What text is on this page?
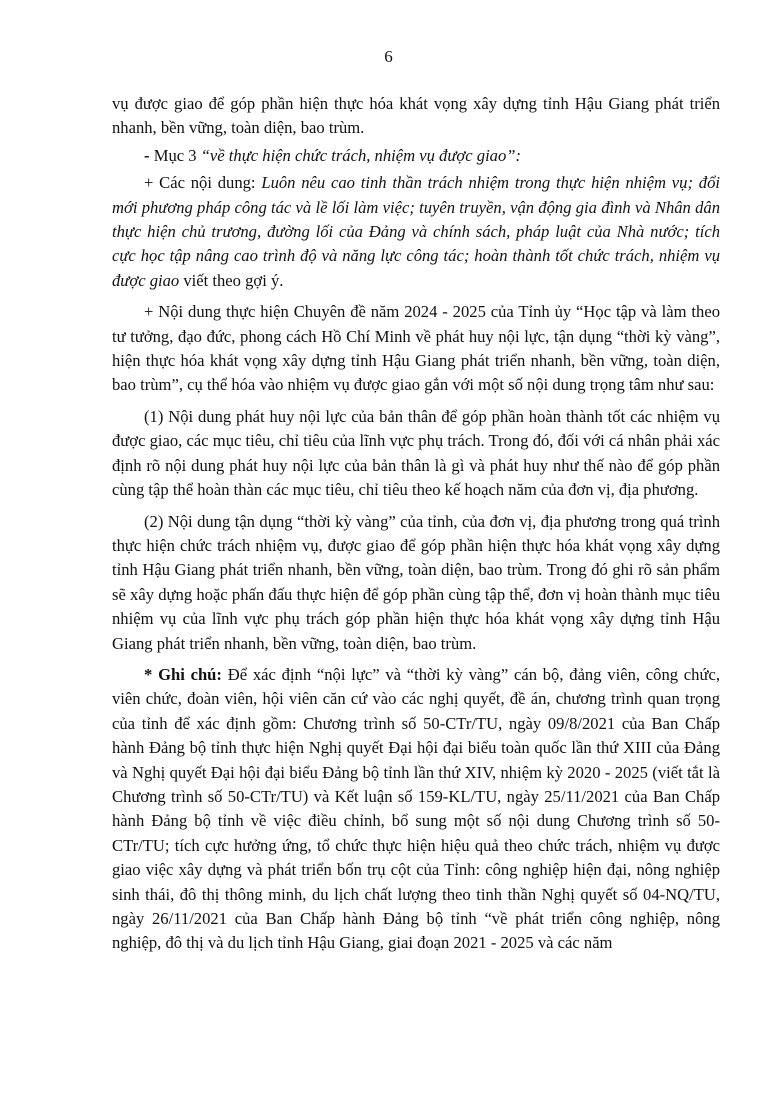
6

vụ được giao để góp phần hiện thực hóa khát vọng xây dựng tỉnh Hậu Giang phát triển nhanh, bền vững, toàn diện, bao trùm.

- Mục 3 “về thực hiện chức trách, nhiệm vụ được giao”:

+ Các nội dung: Luôn nêu cao tinh thần trách nhiệm trong thực hiện nhiệm vụ; đổi mới phương pháp công tác và lề lối làm việc; tuyên truyền, vận động gia đình và Nhân dân thực hiện chủ trương, đường lối của Đảng và chính sách, pháp luật của Nhà nước; tích cực học tập nâng cao trình độ và năng lực công tác; hoàn thành tốt chức trách, nhiệm vụ được giao viết theo gợi ý.

+ Nội dung thực hiện Chuyên đề năm 2024 - 2025 của Tỉnh ủy “Học tập và làm theo tư tưởng, đạo đức, phong cách Hồ Chí Minh về phát huy nội lực, tận dụng “thời kỳ vàng”, hiện thực hóa khát vọng xây dựng tỉnh Hậu Giang phát triển nhanh, bền vững, toàn diện, bao trùm”, cụ thể hóa vào nhiệm vụ được giao gắn với một số nội dung trọng tâm như sau:

(1) Nội dung phát huy nội lực của bản thân để góp phần hoàn thành tốt các nhiệm vụ được giao, các mục tiêu, chỉ tiêu của lĩnh vực phụ trách. Trong đó, đối với cá nhân phải xác định rõ nội dung phát huy nội lực của bản thân là gì và phát huy như thế nào để góp phần cùng tập thể hoàn thàn các mục tiêu, chỉ tiêu theo kế hoạch năm của đơn vị, địa phương.

(2) Nội dung tận dụng “thời kỳ vàng” của tỉnh, của đơn vị, địa phương trong quá trình thực hiện chức trách nhiệm vụ, được giao để góp phần hiện thực hóa khát vọng xây dựng tỉnh Hậu Giang phát triển nhanh, bền vững, toàn diện, bao trùm. Trong đó ghi rõ sản phẩm sẽ xây dựng hoặc phấn đấu thực hiện để góp phần cùng tập thể, đơn vị hoàn thành mục tiêu nhiệm vụ của lĩnh vực phụ trách góp phần hiện thực hóa khát vọng xây dựng tỉnh Hậu Giang phát triển nhanh, bền vững, toàn diện, bao trùm.

* Ghi chú: Để xác định “nội lực” và “thời kỳ vàng” cán bộ, đảng viên, công chức, viên chức, đoàn viên, hội viên căn cứ vào các nghị quyết, đề án, chương trình quan trọng của tỉnh để xác định gồm: Chương trình số 50-CTr/TU, ngày 09/8/2021 của Ban Chấp hành Đảng bộ tỉnh thực hiện Nghị quyết Đại hội đại biểu toàn quốc lần thứ XIII của Đảng và Nghị quyết Đại hội đại biểu Đảng bộ tỉnh lần thứ XIV, nhiệm kỳ 2020 - 2025 (viết tắt là Chương trình số 50-CTr/TU) và Kết luận số 159-KL/TU, ngày 25/11/2021 của Ban Chấp hành Đảng bộ tỉnh về việc điều chỉnh, bổ sung một số nội dung Chương trình số 50-CTr/TU; tích cực hưởng ứng, tổ chức thực hiện hiệu quả theo chức trách, nhiệm vụ được giao việc xây dựng và phát triển bốn trụ cột của Tỉnh: công nghiệp hiện đại, nông nghiệp sinh thái, đô thị thông minh, du lịch chất lượng theo tinh thần Nghị quyết số 04-NQ/TU, ngày 26/11/2021 của Ban Chấp hành Đảng bộ tỉnh “về phát triển công nghiệp, nông nghiệp, đô thị và du lịch tỉnh Hậu Giang, giai đoạn 2021 - 2025 và các năm
